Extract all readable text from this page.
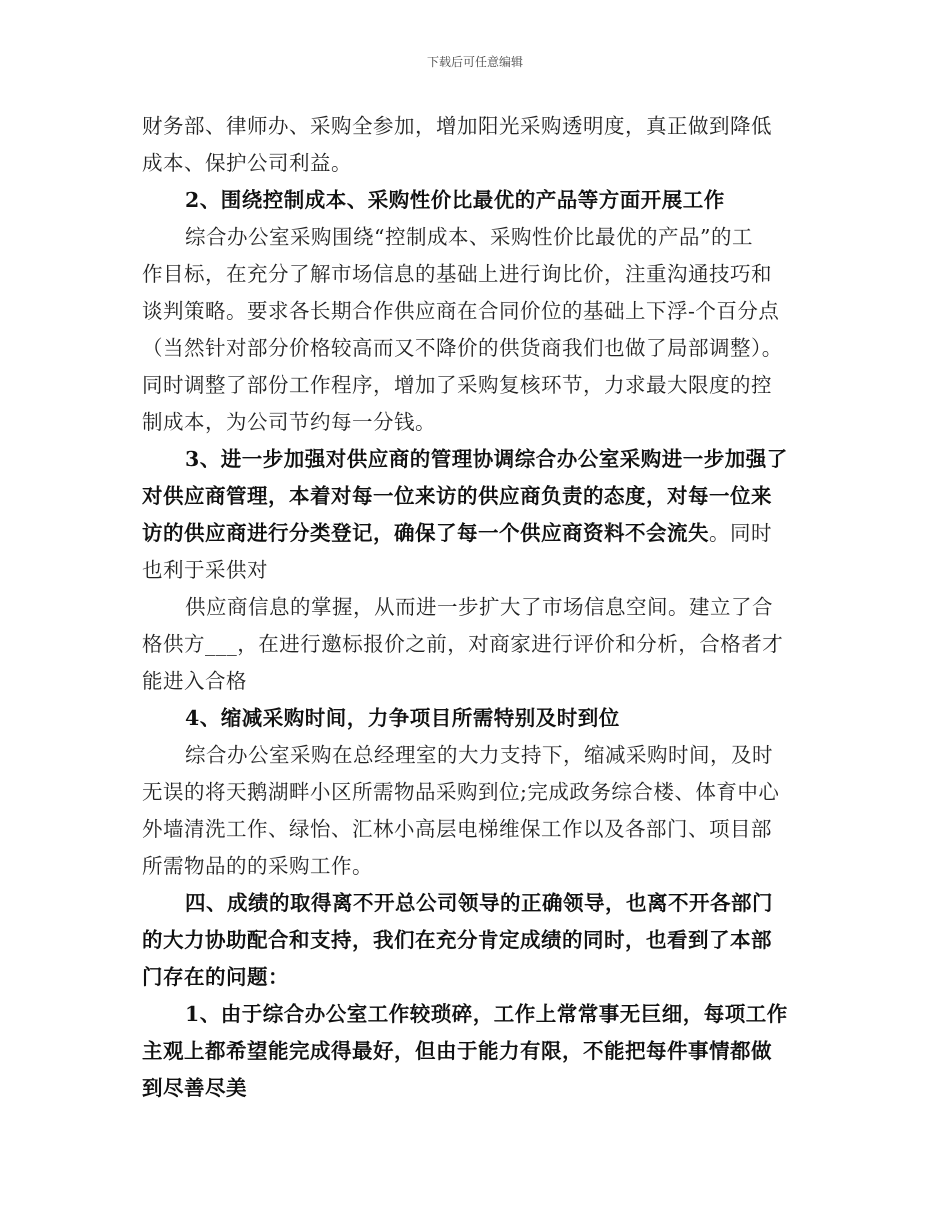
下载后可任意编辑
财务部、律师办、采购全参加，增加阳光采购透明度，真正做到降低
成本、保护公司利益。
2、围绕控制成本、采购性价比最优的产品等方面开展工作
综合办公室采购围绕“控制成本、采购性价比最优的产品”的工
作目标，在充分了解市场信息的基础上进行询比价，注重沟通技巧和
谈判策略。要求各长期合作供应商在合同价位的基础上下浮-个百分点
（当然针对部分价格较高而又不降价的供货商我们也做了局部调整）。
同时调整了部份工作程序，增加了采购复核环节，力求最大限度的控
制成本，为公司节约每一分钱。
3、进一步加强对供应商的管理协调综合办公室采购进一步加强了
对供应商管理，本着对每一位来访的供应商负责的态度，对每一位来
访的供应商进行分类登记，确保了每一个供应商资料不会流失。同时
也利于采供对
供应商信息的掌握，从而进一步扩大了市场信息空间。建立了合
格供方___，在进行邀标报价之前，对商家进行评价和分析，合格者才
能进入合格
4、缩减采购时间，力争项目所需特别及时到位
综合办公室采购在总经理室的大力支持下，缩减采购时间，及时
无误的将天鹅湖畔小区所需物品采购到位;完成政务综合楼、体育中心
外墙清洗工作、绿怡、汇林小高层电梯维保工作以及各部门、项目部
所需物品的的采购工作。
四、成绩的取得离不开总公司领导的正确领导，也离不开各部门
的大力协助配合和支持，我们在充分肯定成绩的同时，也看到了本部
门存在的问题：
1、由于综合办公室工作较琐碎，工作上常常事无巨细，每项工作
主观上都希望能完成得最好，但由于能力有限，不能把每件事情都做
到尽善尽美
